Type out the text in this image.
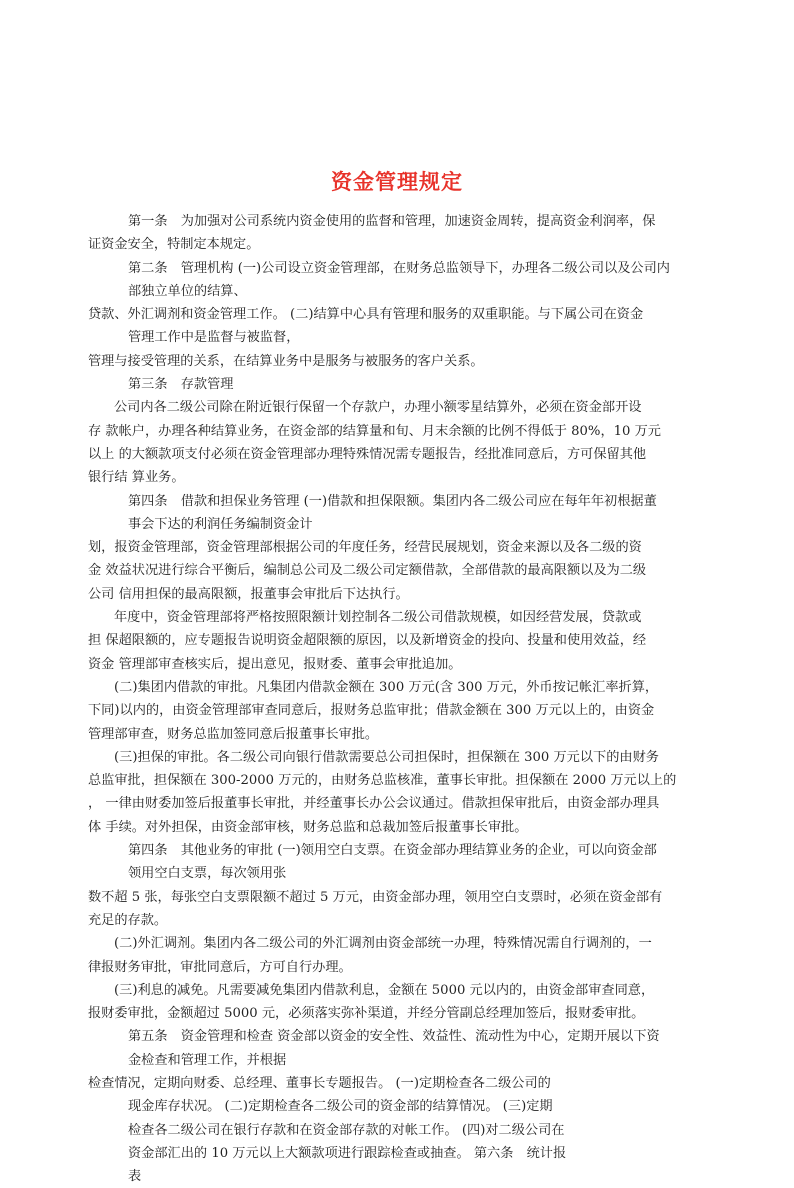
资金管理规定
第一条　为加强对公司系统内资金使用的监督和管理，加速资金周转，提高资金利润率，保
证资金安全，特制定本规定。
第二条　管理机构 (一)公司设立资金管理部，在财务总监领导下，办理各二级公司以及公司内
部独立单位的结算、
贷款、外汇调剂和资金管理工作。 (二)结算中心具有管理和服务的双重职能。与下属公司在资金
管理工作中是监督与被监督，
管理与接受管理的关系，在结算业务中是服务与被服务的客户关系。
第三条　存款管理
公司内各二级公司除在附近银行保留一个存款户，办理小额零星结算外，必须在资金部开设
存 款帐户，办理各种结算业务，在资金部的结算量和旬、月末余额的比例不得低于 80%，10 万元
以上 的大额款项支付必须在资金管理部办理特殊情况需专题报告，经批准同意后，方可保留其他
银行结 算业务。
第四条　借款和担保业务管理 (一)借款和担保限额。集团内各二级公司应在每年年初根据董
事会下达的利润任务编制资金计
划，报资金管理部，资金管理部根据公司的年度任务，经营民展规划，资金来源以及各二级的资
金 效益状况进行综合平衡后，编制总公司及二级公司定额借款，全部借款的最高限额以及为二级
公司 信用担保的最高限额，报董事会审批后下达执行。
年度中，资金管理部将严格按照限额计划控制各二级公司借款规模，如因经营发展，贷款或
担 保超限额的，应专题报告说明资金超限额的原因，以及新增资金的投向、投量和使用效益，经
资金 管理部审查核实后，提出意见，报财委、董事会审批追加。
(二)集团内借款的审批。凡集团内借款金额在 300 万元(含 300 万元，外币按记帐汇率折算，
下同)以内的，由资金管理部审查同意后，报财务总监审批；借款金额在 300 万元以上的，由资金
管理部审查，财务总监加签同意后报董事长审批。
(三)担保的审批。各二级公司向银行借款需要总公司担保时，担保额在 300 万元以下的由财务
总监审批，担保额在 300-2000 万元的，由财务总监核准，董事长审批。担保额在 2000 万元以上的
， 一律由财委加签后报董事长审批，并经董事长办公会议通过。借款担保审批后，由资金部办理具
体 手续。对外担保，由资金部审核，财务总监和总裁加签后报董事长审批。
第四条　其他业务的审批 (一)领用空白支票。在资金部办理结算业务的企业，可以向资金部
领用空白支票，每次领用张
数不超 5 张，每张空白支票限额不超过 5 万元，由资金部办理，领用空白支票时，必须在资金部有
充足的存款。
(二)外汇调剂。集团内各二级公司的外汇调剂由资金部统一办理，特殊情况需自行调剂的，一
律报财务审批，审批同意后，方可自行办理。
(三)利息的减免。凡需要减免集团内借款利息，金额在 5000 元以内的，由资金部审查同意，
报财委审批，金额超过 5000 元，必须落实弥补渠道，并经分管副总经理加签后，报财委审批。
第五条　资金管理和检查 资金部以资金的安全性、效益性、流动性为中心，定期开展以下资
金检查和管理工作，并根据
检查情况，定期向财委、总经理、董事长专题报告。 (一)定期检查各二级公司的
现金库存状况。 (二)定期检查各二级公司的资金部的结算情况。 (三)定期
检查各二级公司在银行存款和在资金部存款的对帐工作。 (四)对二级公司在
资金部汇出的 10 万元以上大额款项进行跟踪检查或抽查。 第六条　统计报
表
